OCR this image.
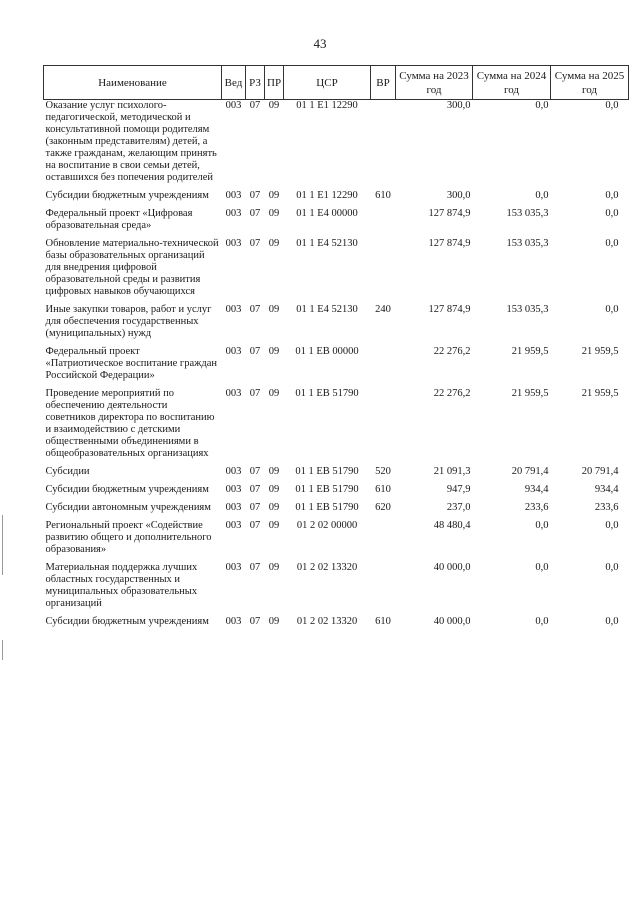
43
Наименование	Вед	РЗ	ПР	ЦСР	ВР	Сумма на 2023 год	Сумма на 2024 год	Сумма на 2025 год
Оказание услуг психолого-педагогической, методической и консультативной помощи родителям (законным представителям) детей, а также гражданам, желающим принять на воспитание в свои семьи детей, оставшихся без попечения родителей	003	07	09	01 1 Е1 12290		300,0	0,0	0,0
Субсидии бюджетным учреждениям	003	07	09	01 1 Е1 12290	610	300,0	0,0	0,0
Федеральный проект «Цифровая образовательная среда»	003	07	09	01 1 Е4 00000		127 874,9	153 035,3	0,0
Обновление материально-технической базы образовательных организаций для внедрения цифровой образовательной среды и развития цифровых навыков обучающихся	003	07	09	01 1 Е4 52130		127 874,9	153 035,3	0,0
Иные закупки товаров, работ и услуг для обеспечения государственных (муниципальных) нужд	003	07	09	01 1 Е4 52130	240	127 874,9	153 035,3	0,0
Федеральный проект «Патриотическое воспитание граждан Российской Федерации»	003	07	09	01 1 ЕВ 00000		22 276,2	21 959,5	21 959,5
Проведение мероприятий по обеспечению деятельности советников директора по воспитанию и взаимодействию с детскими общественными объединениями в общеобразовательных организациях	003	07	09	01 1 ЕВ 51790		22 276,2	21 959,5	21 959,5
Субсидии	003	07	09	01 1 ЕВ 51790	520	21 091,3	20 791,4	20 791,4
Субсидии бюджетным учреждениям	003	07	09	01 1 ЕВ 51790	610	947,9	934,4	934,4
Субсидии автономным учреждениям	003	07	09	01 1 ЕВ 51790	620	237,0	233,6	233,6
Региональный проект «Содействие развитию общего и дополнительного образования»	003	07	09	01 2 02 00000		48 480,4	0,0	0,0
Материальная поддержка лучших областных государственных и муниципальных образовательных организаций	003	07	09	01 2 02 13320		40 000,0	0,0	0,0
Субсидии бюджетным учреждениям	003	07	09	01 2 02 13320	610	40 000,0	0,0	0,0
